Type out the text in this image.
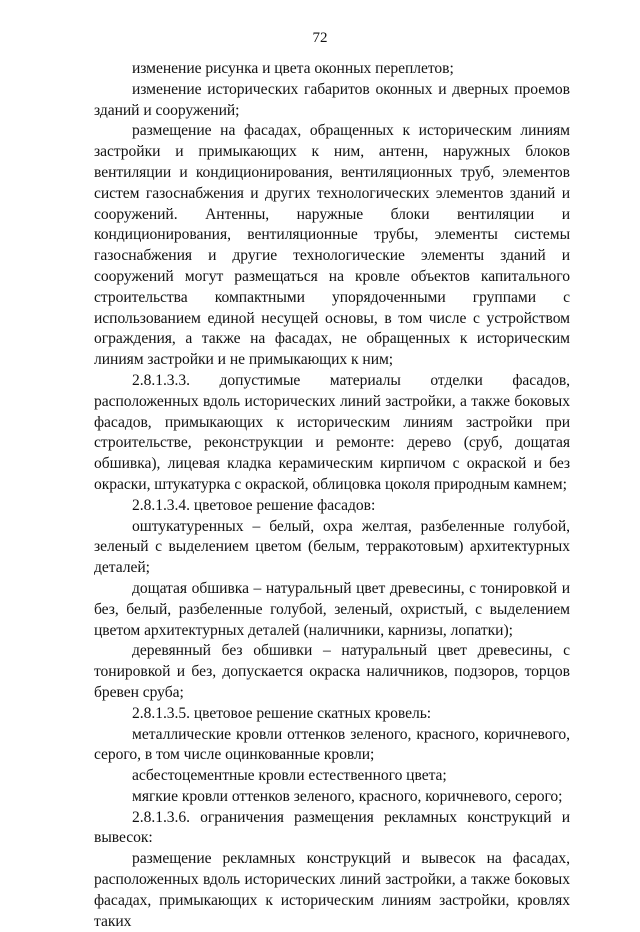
72

изменение рисунка и цвета оконных переплетов;

изменение исторических габаритов оконных и дверных проемов зданий и сооружений;

размещение на фасадах, обращенных к историческим линиям застройки и примыкающих к ним, антенн, наружных блоков вентиляции и кондиционирования, вентиляционных труб, элементов систем газоснабжения и других технологических элементов зданий и сооружений. Антенны, наружные блоки вентиляции и кондиционирования, вентиляционные трубы, элементы системы газоснабжения и другие технологические элементы зданий и сооружений могут размещаться на кровле объектов капитального строительства компактными упорядоченными группами с использованием единой несущей основы, в том числе с устройством ограждения, а также на фасадах, не обращенных к историческим линиям застройки и не примыкающих к ним;

2.8.1.3.3. допустимые материалы отделки фасадов, расположенных вдоль исторических линий застройки, а также боковых фасадов, примыкающих к историческим линиям застройки при строительстве, реконструкции и ремонте: дерево (сруб, дощатая обшивка), лицевая кладка керамическим кирпичом с окраской и без окраски, штукатурка с окраской, облицовка цоколя природным камнем;

2.8.1.3.4. цветовое решение фасадов:

оштукатуренных – белый, охра желтая, разбеленные голубой, зеленый с выделением цветом (белым, терракотовым) архитектурных деталей;

дощатая обшивка – натуральный цвет древесины, с тонировкой и без, белый, разбеленные голубой, зеленый, охристый, с выделением цветом архитектурных деталей (наличники, карнизы, лопатки);

деревянный без обшивки – натуральный цвет древесины, с тонировкой и без, допускается окраска наличников, подзоров, торцов бревен сруба;

2.8.1.3.5. цветовое решение скатных кровель:

металлические кровли оттенков зеленого, красного, коричневого, серого, в том числе оцинкованные кровли;

асбестоцементные кровли естественного цвета;

мягкие кровли оттенков зеленого, красного, коричневого, серого;

2.8.1.3.6. ограничения размещения рекламных конструкций и вывесок:

размещение рекламных конструкций и вывесок на фасадах, расположенных вдоль исторических линий застройки, а также боковых фасадах, примыкающих к историческим линиям застройки, кровлях таких
